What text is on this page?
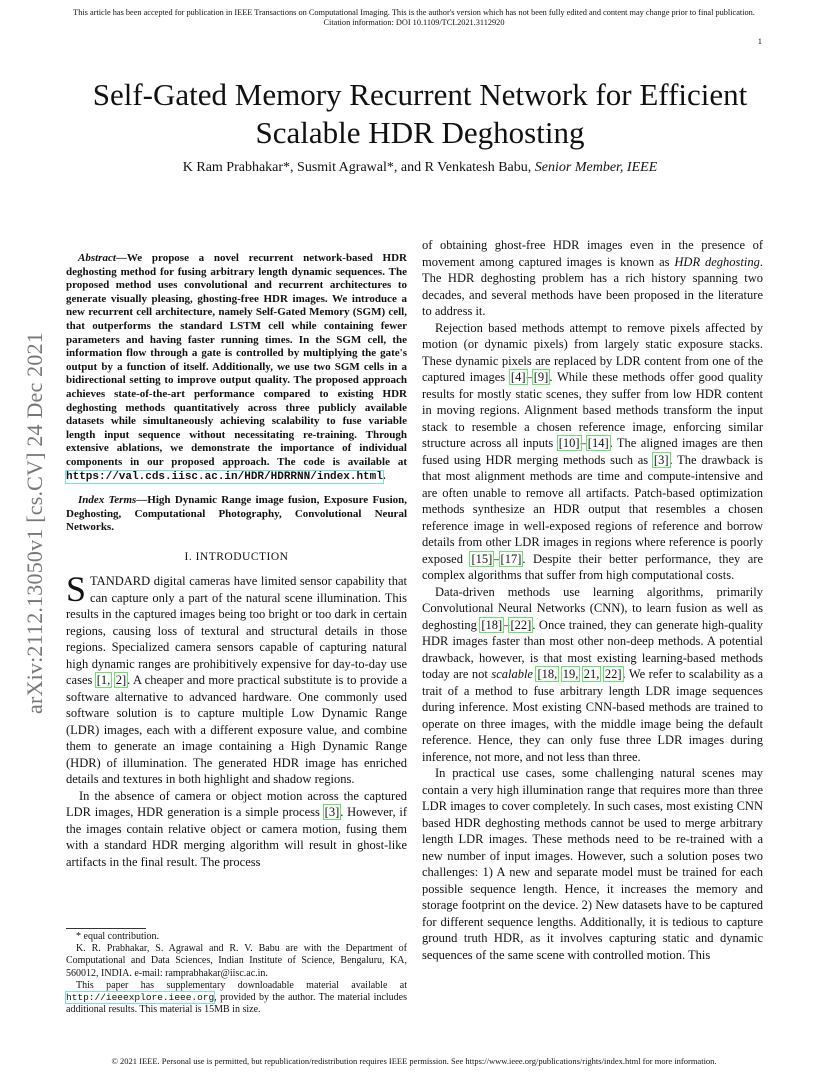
This article has been accepted for publication in IEEE Transactions on Computational Imaging. This is the author's version which has not been fully edited and content may change prior to final publication.
Citation information: DOI 10.1109/TCI.2021.3112920
1
arXiv:2112.13050v1 [cs.CV] 24 Dec 2021
Self-Gated Memory Recurrent Network for Efficient
Scalable HDR Deghosting
K Ram Prabhakar*, Susmit Agrawal*, and R Venkatesh Babu, Senior Member, IEEE

Abstract—We propose a novel recurrent network-based HDR deghosting method for fusing arbitrary length dynamic sequences. The proposed method uses convolutional and recurrent architectures to generate visually pleasing, ghosting-free HDR images. We introduce a new recurrent cell architecture, namely Self-Gated Memory (SGM) cell, that outperforms the standard LSTM cell while containing fewer parameters and having faster running times. In the SGM cell, the information flow through a gate is controlled by multiplying the gate's output by a function of itself. Additionally, we use two SGM cells in a bidirectional setting to improve output quality. The proposed approach achieves state-of-the-art performance compared to existing HDR deghosting methods quantitatively across three publicly available datasets while simultaneously achieving scalability to fuse variable length input sequence without necessitating re-training. Through extensive ablations, we demonstrate the importance of individual components in our proposed approach. The code is available at https://val.cds.iisc.ac.in/HDR/HDRRNN/index.html.

Index Terms—High Dynamic Range image fusion, Exposure Fusion, Deghosting, Computational Photography, Convolutional Neural Networks.

I. INTRODUCTION

STANDARD digital cameras have limited sensor capability that can capture only a part of the natural scene illumination. This results in the captured images being too bright or too dark in certain regions, causing loss of textural and structural details in those regions. Specialized camera sensors capable of capturing natural high dynamic ranges are prohibitively expensive for day-to-day use cases [1, 2]. A cheaper and more practical substitute is to provide a software alternative to advanced hardware. One commonly used software solution is to capture multiple Low Dynamic Range (LDR) images, each with a different exposure value, and combine them to generate an image containing a High Dynamic Range (HDR) of illumination. The generated HDR image has enriched details and textures in both highlight and shadow regions.

In the absence of camera or object motion across the captured LDR images, HDR generation is a simple process [3]. However, if the images contain relative object or camera motion, fusing them with a standard HDR merging algorithm will result in ghost-like artifacts in the final result. The process

* equal contribution.

K. R. Prabhakar, S. Agrawal and R. V. Babu are with the Department of Computational and Data Sciences, Indian Institute of Science, Bengaluru, KA, 560012, INDIA. e-mail: ramprabhakar@iisc.ac.in.

This paper has supplementary downloadable material available at http://ieeexplore.ieee.org, provided by the author. The material includes additional results. This material is 15MB in size.

of obtaining ghost-free HDR images even in the presence of movement among captured images is known as HDR deghosting. The HDR deghosting problem has a rich history spanning two decades, and several methods have been proposed in the literature to address it.

Rejection based methods attempt to remove pixels affected by motion (or dynamic pixels) from largely static exposure stacks. These dynamic pixels are replaced by LDR content from one of the captured images [4]–[9]. While these methods offer good quality results for mostly static scenes, they suffer from low HDR content in moving regions. Alignment based methods transform the input stack to resemble a chosen reference image, enforcing similar structure across all inputs [10]–[14]. The aligned images are then fused using HDR merging methods such as [3]. The drawback is that most alignment methods are time and compute-intensive and are often unable to remove all artifacts. Patch-based optimization methods synthesize an HDR output that resembles a chosen reference image in well-exposed regions of reference and borrow details from other LDR images in regions where reference is poorly exposed [15]–[17]. Despite their better performance, they are complex algorithms that suffer from high computational costs.

Data-driven methods use learning algorithms, primarily Convolutional Neural Networks (CNN), to learn fusion as well as deghosting [18]–[22]. Once trained, they can generate high-quality HDR images faster than most other non-deep methods. A potential drawback, however, is that most existing learning-based methods today are not scalable [18, 19, 21, 22]. We refer to scalability as a trait of a method to fuse arbitrary length LDR image sequences during inference. Most existing CNN-based methods are trained to operate on three images, with the middle image being the default reference. Hence, they can only fuse three LDR images during inference, not more, and not less than three.

In practical use cases, some challenging natural scenes may contain a very high illumination range that requires more than three LDR images to cover completely. In such cases, most existing CNN based HDR deghosting methods cannot be used to merge arbitrary length LDR images. These methods need to be re-trained with a new number of input images. However, such a solution poses two challenges: 1) A new and separate model must be trained for each possible sequence length. Hence, it increases the memory and storage footprint on the device. 2) New datasets have to be captured for different sequence lengths. Additionally, it is tedious to capture ground truth HDR, as it involves capturing static and dynamic sequences of the same scene with controlled motion. This

© 2021 IEEE. Personal use is permitted, but republication/redistribution requires IEEE permission. See https://www.ieee.org/publications/rights/index.html for more information.
